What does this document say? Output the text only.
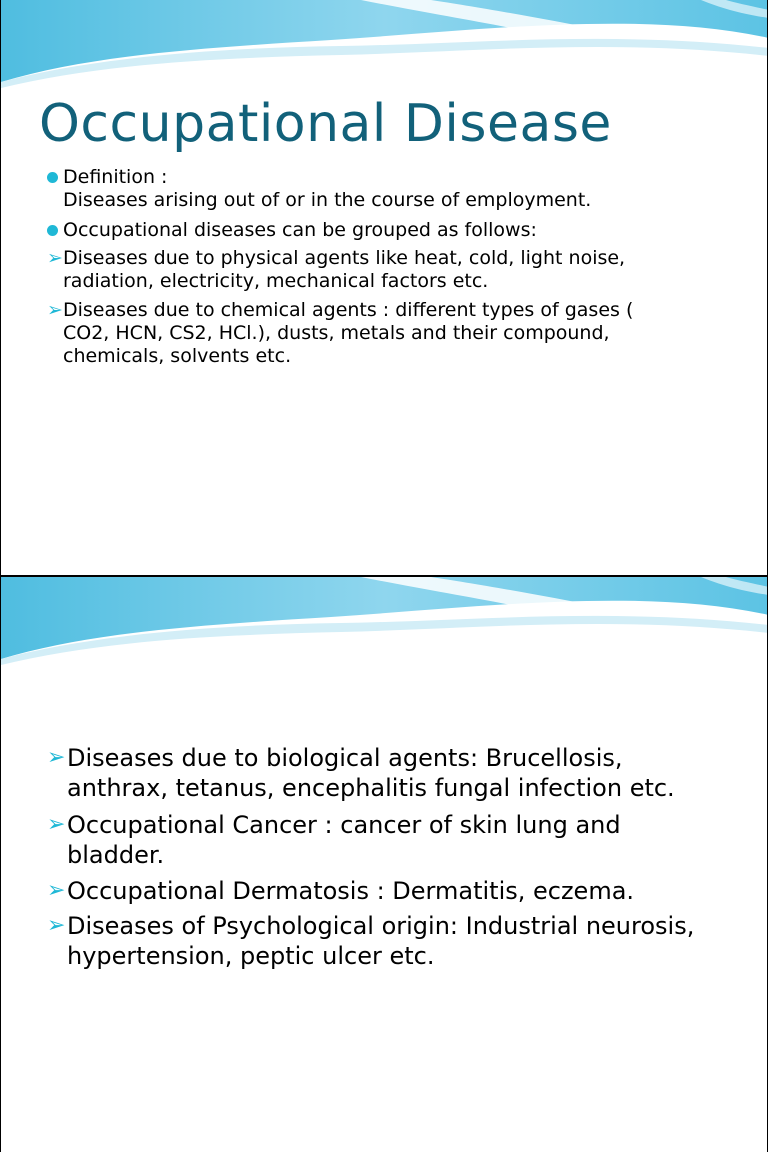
Occupational Disease
Definition :
Diseases arising out of or in the course of employment.
Occupational diseases can be grouped as follows:
➢ Diseases due to physical agents like heat, cold, light noise,
radiation, electricity, mechanical factors etc.
➢ Diseases due to chemical agents : different types of gases (
CO2, HCN, CS2, HCl.), dusts, metals and their compound,
chemicals, solvents etc.
➢ Diseases due to biological agents: Brucellosis,
anthrax, tetanus, encephalitis fungal infection etc.
➢ Occupational Cancer : cancer of skin lung and
bladder.
➢ Occupational Dermatosis : Dermatitis, eczema.
➢ Diseases of Psychological origin: Industrial neurosis,
hypertension, peptic ulcer etc.
